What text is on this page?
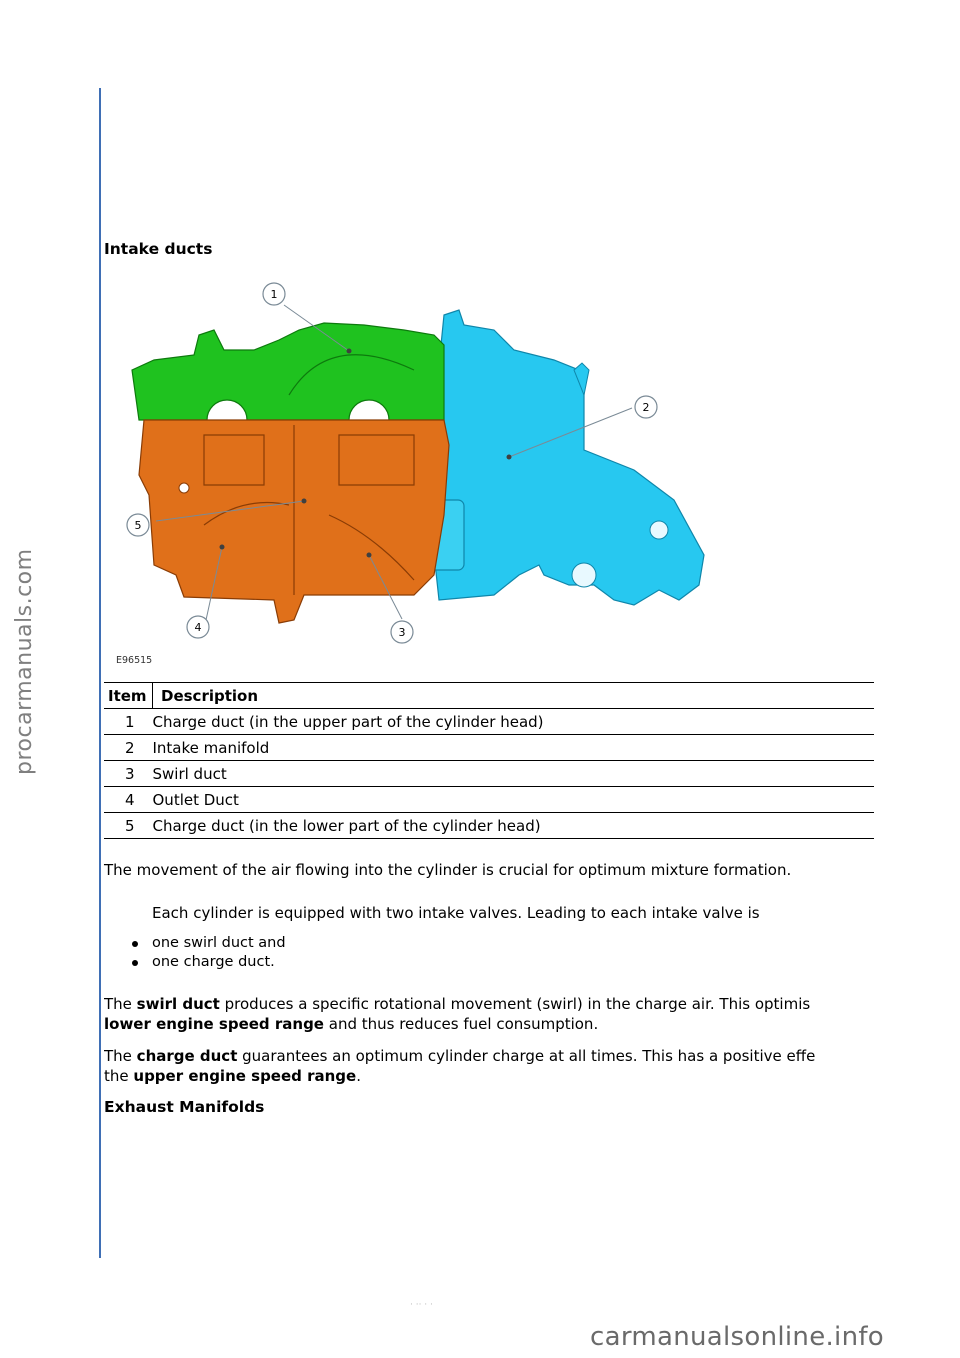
procarmanuals.com
· ·· · ·
Intake ducts
1
2
3
4
5
E96515
Item	Description
1	Charge duct (in the upper part of the cylinder head)
2	Intake manifold
3	Swirl duct
4	Outlet Duct
5	Charge duct (in the lower part of the cylinder head)

The movement of the air flowing into the cylinder is crucial for optimum mixture formation.

Each cylinder is equipped with two intake valves. Leading to each intake valve is

one swirl duct and
one charge duct.

The swirl duct produces a specific rotational movement (swirl) in the charge air. This optimis

lower engine speed range and thus reduces fuel consumption.

The charge duct guarantees an optimum cylinder charge at all times. This has a positive effe

the upper engine speed range.

Exhaust Manifolds
carmanualsonline.info
